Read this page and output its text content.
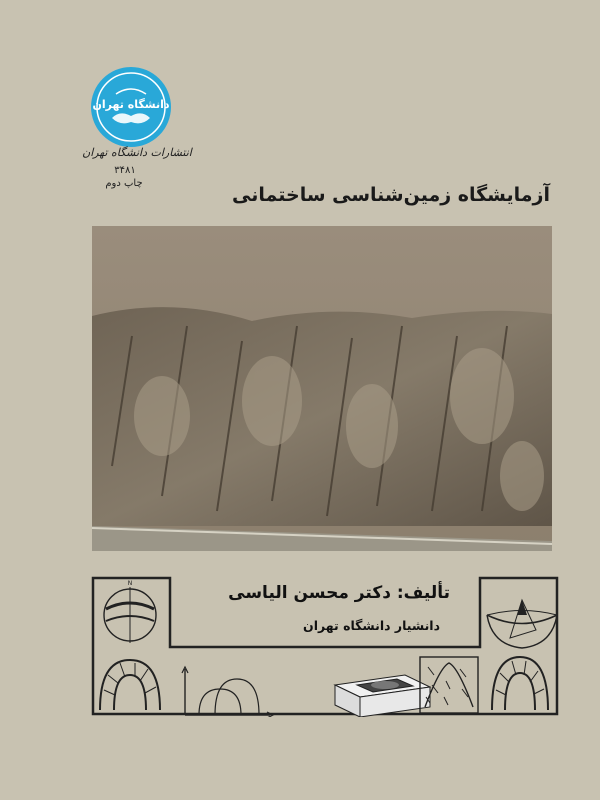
دانشگاه تهران
انتشارات دانشگاه تهران
۳۴۸۱
چاپ دوم
آزمایشگاه زمین‌شناسی ساختمانی
N	تألیف: دکتر محسن الیاسی
دانشیار دانشگاه تهران
